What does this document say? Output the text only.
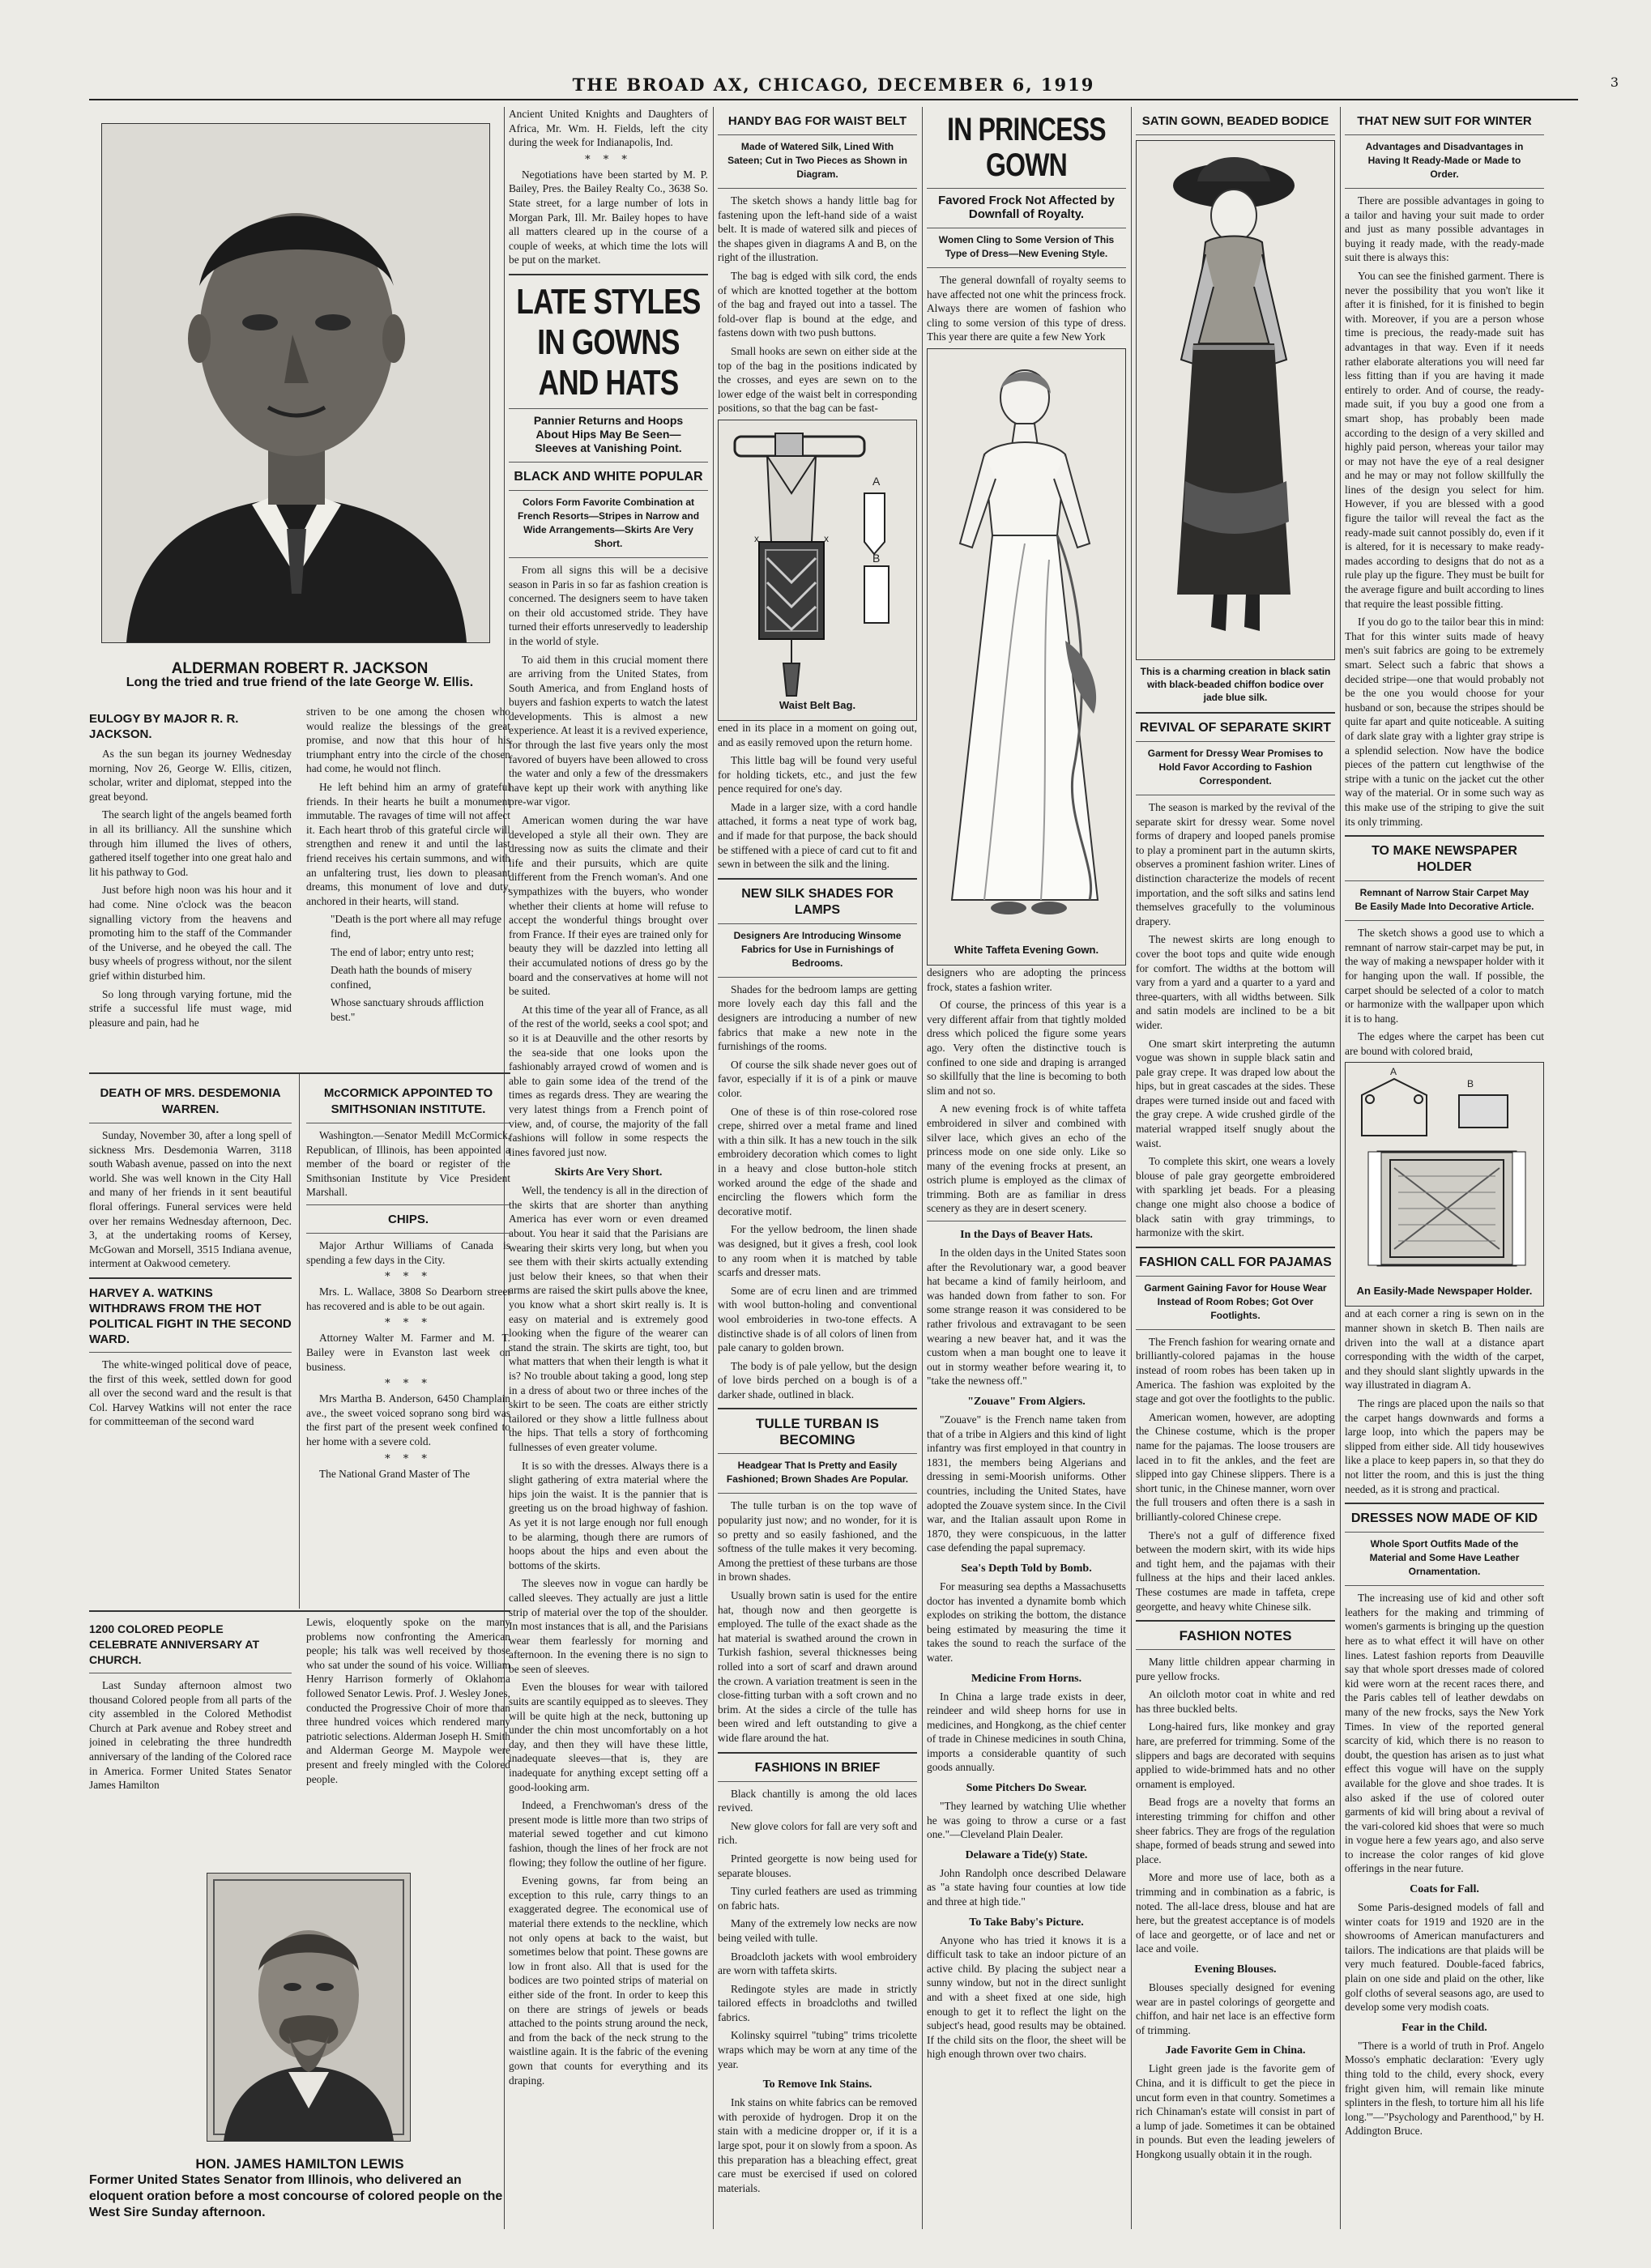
THE BROAD AX, CHICAGO, DECEMBER 6, 1919	3
ALDERMAN ROBERT R. JACKSON
Long the tried and true friend of the late George W. Ellis.
EULOGY BY MAJOR R. R. JACKSON.

As the sun began its journey Wednesday morning, Nov 26, George W. Ellis, citizen, scholar, writer and diplomat, stepped into the great beyond.

The search light of the angels beamed forth in all its brilliancy. All the sunshine which through him illumed the lives of others, gathered itself together into one great halo and lit his pathway to God.

Just before high noon was his hour and it had come. Nine o'clock was the beacon signalling victory from the heavens and promoting him to the staff of the Commander of the Universe, and he obeyed the call. The busy wheels of progress without, nor the silent grief within disturbed him.

So long through varying fortune, mid the strife a successful life must wage, mid pleasure and pain, had he

striven to be one among the chosen who would realize the blessings of the great promise, and now that this hour of his triumphant entry into the circle of the chosen had come, he would not flinch.

He left behind him an army of grateful friends. In their hearts he built a monument immutable. The ravages of time will not affect it. Each heart throb of this grateful circle will strengthen and renew it and until the last friend receives his certain summons, and with an unfaltering trust, lies down to pleasant dreams, this monument of love and duty, anchored in their hearts, will stand.

"Death is the port where all may refuge find,
The end of labor; entry unto rest;
Death hath the bounds of misery confined,
Whose sanctuary shrouds affliction best."
DEATH OF MRS. DESDEMONIA WARREN.

Sunday, November 30, after a long spell of sickness Mrs. Desdemonia Warren, 3118 south Wabash avenue, passed on into the next world. She was well known in the City Hall and many of her friends in it sent beautiful floral offerings. Funeral services were held over her remains Wednesday afternoon, Dec. 3, at the undertaking rooms of Kersey, McGowan and Morsell, 3515 Indiana avenue, interment at Oakwood cemetery.

HARVEY A. WATKINS WITHDRAWS FROM THE HOT POLITICAL FIGHT IN THE SECOND WARD.

The white-winged political dove of peace, the first of this week, settled down for good all over the second ward and the result is that Col. Harvey Watkins will not enter the race for committeeman of the second ward

McCORMICK APPOINTED TO SMITHSONIAN INSTITUTE.

Washington.—Senator Medill McCormick, Republican, of Illinois, has been appointed a member of the board or register of the Smithsonian Institute by Vice President Marshall.

CHIPS.

Major Arthur Williams of Canada is spending a few days in the City.

* * *

Mrs. L. Wallace, 3808 So Dearborn street has recovered and is able to be out again.

* * *

Attorney Walter M. Farmer and M. T. Bailey were in Evanston last week on business.

* * *

Mrs Martha B. Anderson, 6450 Champlain ave., the sweet voiced soprano song bird was the first part of the present week confined to her home with a severe cold.

* * *

The National Grand Master of The

1200 COLORED PEOPLE CELEBRATE ANNIVERSARY AT CHURCH.

Last Sunday afternoon almost two thousand Colored people from all parts of the city assembled in the Colored Methodist Church at Park avenue and Robey street and joined in celebrating the three hundredth anniversary of the landing of the Colored race in America. Former United States Senator James Hamilton

Lewis, eloquently spoke on the many problems now confronting the American people; his talk was well received by those who sat under the sound of his voice. William Henry Harrison formerly of Oklahoma followed Senator Lewis. Prof. J. Wesley Jones, conducted the Progressive Choir of more than three hundred voices which rendered many patriotic selections. Alderman Joseph H. Smith and Alderman George M. Maypole were present and freely mingled with the Colored people.

HON. JAMES HAMILTON LEWIS
Former United States Senator from Illinois, who delivered an eloquent oration before a most concourse of colored people on the West Sire Sunday afternoon.

Ancient United Knights and Daughters of Africa, Mr. Wm. H. Fields, left the city during the week for Indianapolis, Ind.

* * *

Negotiations have been started by M. P. Bailey, Pres. the Bailey Realty Co., 3638 So. State street, for a large number of lots in Morgan Park, Ill. Mr. Bailey hopes to have all matters cleared up in the course of a couple of weeks, at which time the lots will be put on the market.

LATE STYLES IN GOWNS AND HATS
Pannier Returns and Hoops About Hips May Be Seen—Sleeves at Vanishing Point.
BLACK AND WHITE POPULAR
Colors Form Favorite Combination at French Resorts—Stripes in Narrow and Wide Arrangements—Skirts Are Very Short.

From all signs this will be a decisive season in Paris in so far as fashion creation is concerned. The designers seem to have taken on their old accustomed stride. They have turned their efforts unreservedly to leadership in the world of style.

To aid them in this crucial moment there are arriving from the United States, from South America, and from England hosts of buyers and fashion experts to watch the latest developments. This is almost a new experience. At least it is a revived experience, for through the last five years only the most favored of buyers have been allowed to cross the water and only a few of the dressmakers have kept up their work with anything like pre-war vigor.

American women during the war have developed a style all their own. They are dressing now as suits the climate and their life and their pursuits, which are quite different from the French woman's. And one sympathizes with the buyers, who wonder whether their clients at home will refuse to accept the wonderful things brought over from France. If their eyes are trained only for beauty they will be dazzled into letting all their accumulated notions of dress go by the board and the conservatives at home will not be suited.

At this time of the year all of France, as all of the rest of the world, seeks a cool spot; and so it is at Deauville and the other resorts by the sea-side that one looks upon the fashionably arrayed crowd of women and is able to gain some idea of the trend of the times as regards dress. They are wearing the very latest things from a French point of view, and, of course, the majority of the fall fashions will follow in some respects the lines favored just now.

Skirts Are Very Short.

Well, the tendency is all in the direction of the skirts that are shorter than anything America has ever worn or even dreamed about. You hear it said that the Parisians are wearing their skirts very long, but when you see them with their skirts actually extending just below their knees, so that when their arms are raised the skirt pulls above the knee, you know what a short skirt really is. It is easy on material and is extremely good looking when the figure of the wearer can stand the strain. The skirts are tight, too, but what matters that when their length is what it is? No trouble about taking a good, long step in a dress of about two or three inches of the skirt to be seen. The coats are either strictly tailored or they show a little fullness about the hips. That tells a story of forthcoming fullnesses of even greater volume.

It is so with the dresses. Always there is a slight gathering of extra material where the hips join the waist. It is the pannier that is greeting us on the broad highway of fashion. As yet it is not large enough nor full enough to be alarming, though there are rumors of hoops about the hips and even about the bottoms of the skirts.

The sleeves now in vogue can hardly be called sleeves. They actually are just a little strip of material over the top of the shoulder. In most instances that is all, and the Parisians wear them fearlessly for morning and afternoon. In the evening there is no sign to be seen of sleeves.

Even the blouses for wear with tailored suits are scantily equipped as to sleeves. They will be quite high at the neck, buttoning up under the chin most uncomfortably on a hot day, and then they will have these little, inadequate sleeves—that is, they are inadequate for anything except setting off a good-looking arm.

Indeed, a Frenchwoman's dress of the present mode is little more than two strips of material sewed together and cut kimono fashion, though the lines of her frock are not flowing; they follow the outline of her figure.

Evening gowns, far from being an exception to this rule, carry things to an exaggerated degree. The economical use of material there extends to the neckline, which not only opens at back to the waist, but sometimes below that point. These gowns are low in front also. All that is used for the bodices are two pointed strips of material on either side of the front. In order to keep this on there are strings of jewels or beads attached to the points strung around the neck, and from the back of the neck strung to the waistline again. It is the fabric of the evening gown that counts for everything and its draping.

HANDY BAG FOR WAIST BELT
Made of Watered Silk, Lined With Sateen; Cut in Two Pieces as Shown in Diagram.

The sketch shows a handy little bag for fastening upon the left-hand side of a waist belt. It is made of watered silk and pieces of the shapes given in diagrams A and B, on the right of the illustration.

The bag is edged with silk cord, the ends of which are knotted together at the bottom of the bag and frayed out into a tassel. The fold-over flap is bound at the edge, and fastens down with two push buttons.

Small hooks are sewn on either side at the top of the bag in the positions indicated by the crosses, and eyes are sewn on to the lower edge of the waist belt in corresponding positions, so that the bag can be fast-

A
B
x	x
Waist Belt Bag.

ened in its place in a moment on going out, and as easily removed upon the return home.

This little bag will be found very useful for holding tickets, etc., and just the few pence required for one's day.

Made in a larger size, with a cord handle attached, it forms a neat type of work bag, and if made for that purpose, the back should be stiffened with a piece of card cut to fit and sewn in between the silk and the lining.

NEW SILK SHADES FOR LAMPS
Designers Are Introducing Winsome Fabrics for Use in Furnishings of Bedrooms.

Shades for the bedroom lamps are getting more lovely each day this fall and the designers are introducing a number of new fabrics that make a new note in the furnishings of the rooms.

Of course the silk shade never goes out of favor, especially if it is of a pink or mauve color.

One of these is of thin rose-colored rose crepe, shirred over a metal frame and lined with a thin silk. It has a new touch in the silk embroidery decoration which comes to light in a heavy and close button-hole stitch worked around the edge of the shade and encircling the flowers which form the decorative motif.

For the yellow bedroom, the linen shade was designed, but it gives a fresh, cool look to any room when it is matched by table scarfs and dresser mats.

Some are of ecru linen and are trimmed with wool button-holing and conventional wool embroideries in two-tone effects. A distinctive shade is of all colors of linen from pale canary to golden brown.

The body is of pale yellow, but the design of love birds perched on a bough is of a darker shade, outlined in black.

TULLE TURBAN IS BECOMING
Headgear That Is Pretty and Easily Fashioned; Brown Shades Are Popular.

The tulle turban is on the top wave of popularity just now; and no wonder, for it is so pretty and so easily fashioned, and the softness of the tulle makes it very becoming. Among the prettiest of these turbans are those in brown shades.

Usually brown satin is used for the entire hat, though now and then georgette is employed. The tulle of the exact shade as the hat material is swathed around the crown in Turkish fashion, several thicknesses being rolled into a sort of scarf and drawn around the crown. A variation treatment is seen in the close-fitting turban with a soft crown and no brim. At the sides a circle of the tulle has been wired and left outstanding to give a wide flare around the hat.

FASHIONS IN BRIEF

Black chantilly is among the old laces revived.

New glove colors for fall are very soft and rich.

Printed georgette is now being used for separate blouses.

Tiny curled feathers are used as trimming on fabric hats.

Many of the extremely low necks are now being veiled with tulle.

Broadcloth jackets with wool embroidery are worn with taffeta skirts.

Redingote styles are made in strictly tailored effects in broadcloths and twilled fabrics.

Kolinsky squirrel "tubing" trims tricolette wraps which may be worn at any time of the year.

To Remove Ink Stains.

Ink stains on white fabrics can be removed with peroxide of hydrogen. Drop it on the stain with a medicine dropper or, if it is a large spot, pour it on slowly from a spoon. As this preparation has a bleaching effect, great care must be exercised if used on colored materials.

IN PRINCESS GOWN
Favored Frock Not Affected by Downfall of Royalty.
Women Cling to Some Version of This Type of Dress—New Evening Style.

The general downfall of royalty seems to have affected not one whit the princess frock. Always there are women of fashion who cling to some version of this type of dress. This year there are quite a few New York

White Taffeta Evening Gown.

designers who are adopting the princess frock, states a fashion writer.

Of course, the princess of this year is a very different affair from that tightly molded dress which policed the figure some years ago. Very often the distinctive touch is confined to one side and draping is arranged so skillfully that the line is becoming to both slim and not so.

A new evening frock is of white taffeta embroidered in silver and combined with silver lace, which gives an echo of the princess mode on one side only. Like so many of the evening frocks at present, an ostrich plume is employed as the climax of trimming. Both are as familiar in dress scenery as they are in desert scenery.

In the Days of Beaver Hats.

In the olden days in the United States soon after the Revolutionary war, a good beaver hat became a kind of family heirloom, and was handed down from father to son. For some strange reason it was considered to be rather frivolous and extravagant to be seen wearing a new beaver hat, and it was the custom when a man bought one to leave it out in stormy weather before wearing it, to "take the newness off."

"Zouave" From Algiers.

"Zouave" is the French name taken from that of a tribe in Algiers and this kind of light infantry was first employed in that country in 1831, the members being Algerians and dressing in semi-Moorish uniforms. Other countries, including the United States, have adopted the Zouave system since. In the Civil war, and the Italian assault upon Rome in 1870, they were conspicuous, in the latter case defending the papal supremacy.

Sea's Depth Told by Bomb.

For measuring sea depths a Massachusetts doctor has invented a dynamite bomb which explodes on striking the bottom, the distance being estimated by measuring the time it takes the sound to reach the surface of the water.

Medicine From Horns.

In China a large trade exists in deer, reindeer and wild sheep horns for use in medicines, and Hongkong, as the chief center of trade in Chinese medicines in south China, imports a considerable quantity of such goods annually.

Some Pitchers Do Swear.

"They learned by watching Ulie whether he was going to throw a curse or a fast one."—Cleveland Plain Dealer.

Delaware a Tide(y) State.

John Randolph once described Delaware as "a state having four counties at low tide and three at high tide."

To Take Baby's Picture.

Anyone who has tried it knows it is a difficult task to take an indoor picture of an active child. By placing the subject near a sunny window, but not in the direct sunlight and with a sheet fixed at one side, high enough to get it to reflect the light on the subject's head, good results may be obtained. If the child sits on the floor, the sheet will be high enough thrown over two chairs.

SATIN GOWN, BEADED BODICE
This is a charming creation in black satin with black-beaded chiffon bodice over jade blue silk.
REVIVAL OF SEPARATE SKIRT
Garment for Dressy Wear Promises to Hold Favor According to Fashion Correspondent.

The season is marked by the revival of the separate skirt for dressy wear. Some novel forms of drapery and looped panels promise to play a prominent part in the autumn skirts, observes a prominent fashion writer. Lines of distinction characterize the models of recent importation, and the soft silks and satins lend themselves gracefully to the voluminous drapery.

The newest skirts are long enough to cover the boot tops and quite wide enough for comfort. The widths at the bottom will vary from a yard and a quarter to a yard and three-quarters, with all widths between. Silk and satin models are inclined to be a bit wider.

One smart skirt interpreting the autumn vogue was shown in supple black satin and pale gray crepe. It was draped low about the hips, but in great cascades at the sides. These drapes were turned inside out and faced with the gray crepe. A wide crushed girdle of the material wrapped itself snugly about the waist.

To complete this skirt, one wears a lovely blouse of pale gray georgette embroidered with sparkling jet beads. For a pleasing change one might also choose a bodice of black satin with gray trimmings, to harmonize with the skirt.

FASHION CALL FOR PAJAMAS
Garment Gaining Favor for House Wear Instead of Room Robes; Got Over Footlights.

The French fashion for wearing ornate and brilliantly-colored pajamas in the house instead of room robes has been taken up in America. The fashion was exploited by the stage and got over the footlights to the public.

American women, however, are adopting the Chinese costume, which is the proper name for the pajamas. The loose trousers are laced in to fit the ankles, and the feet are slipped into gay Chinese slippers. There is a short tunic, in the Chinese manner, worn over the full trousers and often there is a sash in brilliantly-colored Chinese crepe.

There's not a gulf of difference fixed between the modern skirt, with its wide hips and tight hem, and the pajamas with their fullness at the hips and their laced ankles. These costumes are made in taffeta, crepe georgette, and heavy white Chinese silk.

FASHION NOTES

Many little children appear charming in pure yellow frocks.

An oilcloth motor coat in white and red has three buckled belts.

Long-haired furs, like monkey and gray hare, are preferred for trimming. Some of the slippers and bags are decorated with sequins applied to wide-brimmed hats and no other ornament is employed.

Bead frogs are a novelty that forms an interesting trimming for chiffon and other sheer fabrics. They are frogs of the regulation shape, formed of beads strung and sewed into place.

More and more use of lace, both as a trimming and in combination as a fabric, is noted. The all-lace dress, blouse and hat are here, but the greatest acceptance is of models of lace and georgette, or of lace and net or lace and voile.

Evening Blouses.

Blouses specially designed for evening wear are in pastel colorings of georgette and chiffon, and hair net lace is an effective form of trimming.

Jade Favorite Gem in China.

Light green jade is the favorite gem of China, and it is difficult to get the piece in uncut form even in that country. Sometimes a rich Chinaman's estate will consist in part of a lump of jade. Sometimes it can be obtained in pounds. But even the leading jewelers of Hongkong usually obtain it in the rough.

THAT NEW SUIT FOR WINTER
Advantages and Disadvantages in Having It Ready-Made or Made to Order.

There are possible advantages in going to a tailor and having your suit made to order and just as many possible advantages in buying it ready made, with the ready-made suit there is always this:

You can see the finished garment. There is never the possibility that you won't like it after it is finished, for it is finished to begin with. Moreover, if you are a person whose time is precious, the ready-made suit has advantages in that way. Even if it needs rather elaborate alterations you will need far less fitting than if you are having it made entirely to order. And of course, the ready-made suit, if you buy a good one from a smart shop, has probably been made according to the design of a very skilled and highly paid person, whereas your tailor may or may not have the eye of a real designer and he may or may not follow skillfully the lines of the design you select for him. However, if you are blessed with a good figure the tailor will reveal the fact as the ready-made suit cannot possibly do, even if it is altered, for it is necessary to make ready-mades according to designs that do not as a rule play up the figure. They must be built for the average figure and built according to lines that require the least possible fitting.

If you do go to the tailor bear this in mind: That for this winter suits made of heavy men's suit fabrics are going to be extremely smart. Select such a fabric that shows a decided stripe—one that would probably not be the one you would choose for your husband or son, because the stripes should be quite far apart and quite noticeable. A suiting of dark slate gray with a lighter gray stripe is a splendid selection. Now have the bodice pieces of the pattern cut lengthwise of the stripe with a tunic on the jacket cut the other way of the material. Or in some such way as this make use of the striping to give the suit its only trimming.

TO MAKE NEWSPAPER HOLDER
Remnant of Narrow Stair Carpet May Be Easily Made Into Decorative Article.

The sketch shows a good use to which a remnant of narrow stair-carpet may be put, in the way of making a newspaper holder with it for hanging upon the wall. If possible, the carpet should be selected of a color to match or harmonize with the wallpaper upon which it is to hang.

The edges where the carpet has been cut are bound with colored braid,

A
B
An Easily-Made Newspaper Holder.

and at each corner a ring is sewn on in the manner shown in sketch B. Then nails are driven into the wall at a distance apart corresponding with the width of the carpet, and they should slant slightly upwards in the way illustrated in diagram A.

The rings are placed upon the nails so that the carpet hangs downwards and forms a large loop, into which the papers may be slipped from either side. All tidy housewives like a place to keep papers in, so that they do not litter the room, and this is just the thing needed, as it is strong and practical.

DRESSES NOW MADE OF KID
Whole Sport Outfits Made of the Material and Some Have Leather Ornamentation.

The increasing use of kid and other soft leathers for the making and trimming of women's garments is bringing up the question here as to what effect it will have on other lines. Latest fashion reports from Deauville say that whole sport dresses made of colored kid were worn at the recent races there, and the Paris cables tell of leather dewdabs on many of the new frocks, says the New York Times. In view of the reported general scarcity of kid, which there is no reason to doubt, the question has arisen as to just what effect this vogue will have on the supply available for the glove and shoe trades. It is also asked if the use of colored outer garments of kid will bring about a revival of the vari-colored kid shoes that were so much in vogue here a few years ago, and also serve to increase the color ranges of kid glove offerings in the near future.

Coats for Fall.

Some Paris-designed models of fall and winter coats for 1919 and 1920 are in the showrooms of American manufacturers and tailors. The indications are that plaids will be very much featured. Double-faced fabrics, plain on one side and plaid on the other, like golf cloths of several seasons ago, are used to develop some very modish coats.

Fear in the Child.

"There is a world of truth in Prof. Angelo Mosso's emphatic declaration: 'Every ugly thing told to the child, every shock, every fright given him, will remain like minute splinters in the flesh, to torture him all his life long.'"—"Psychology and Parenthood," by H. Addington Bruce.
